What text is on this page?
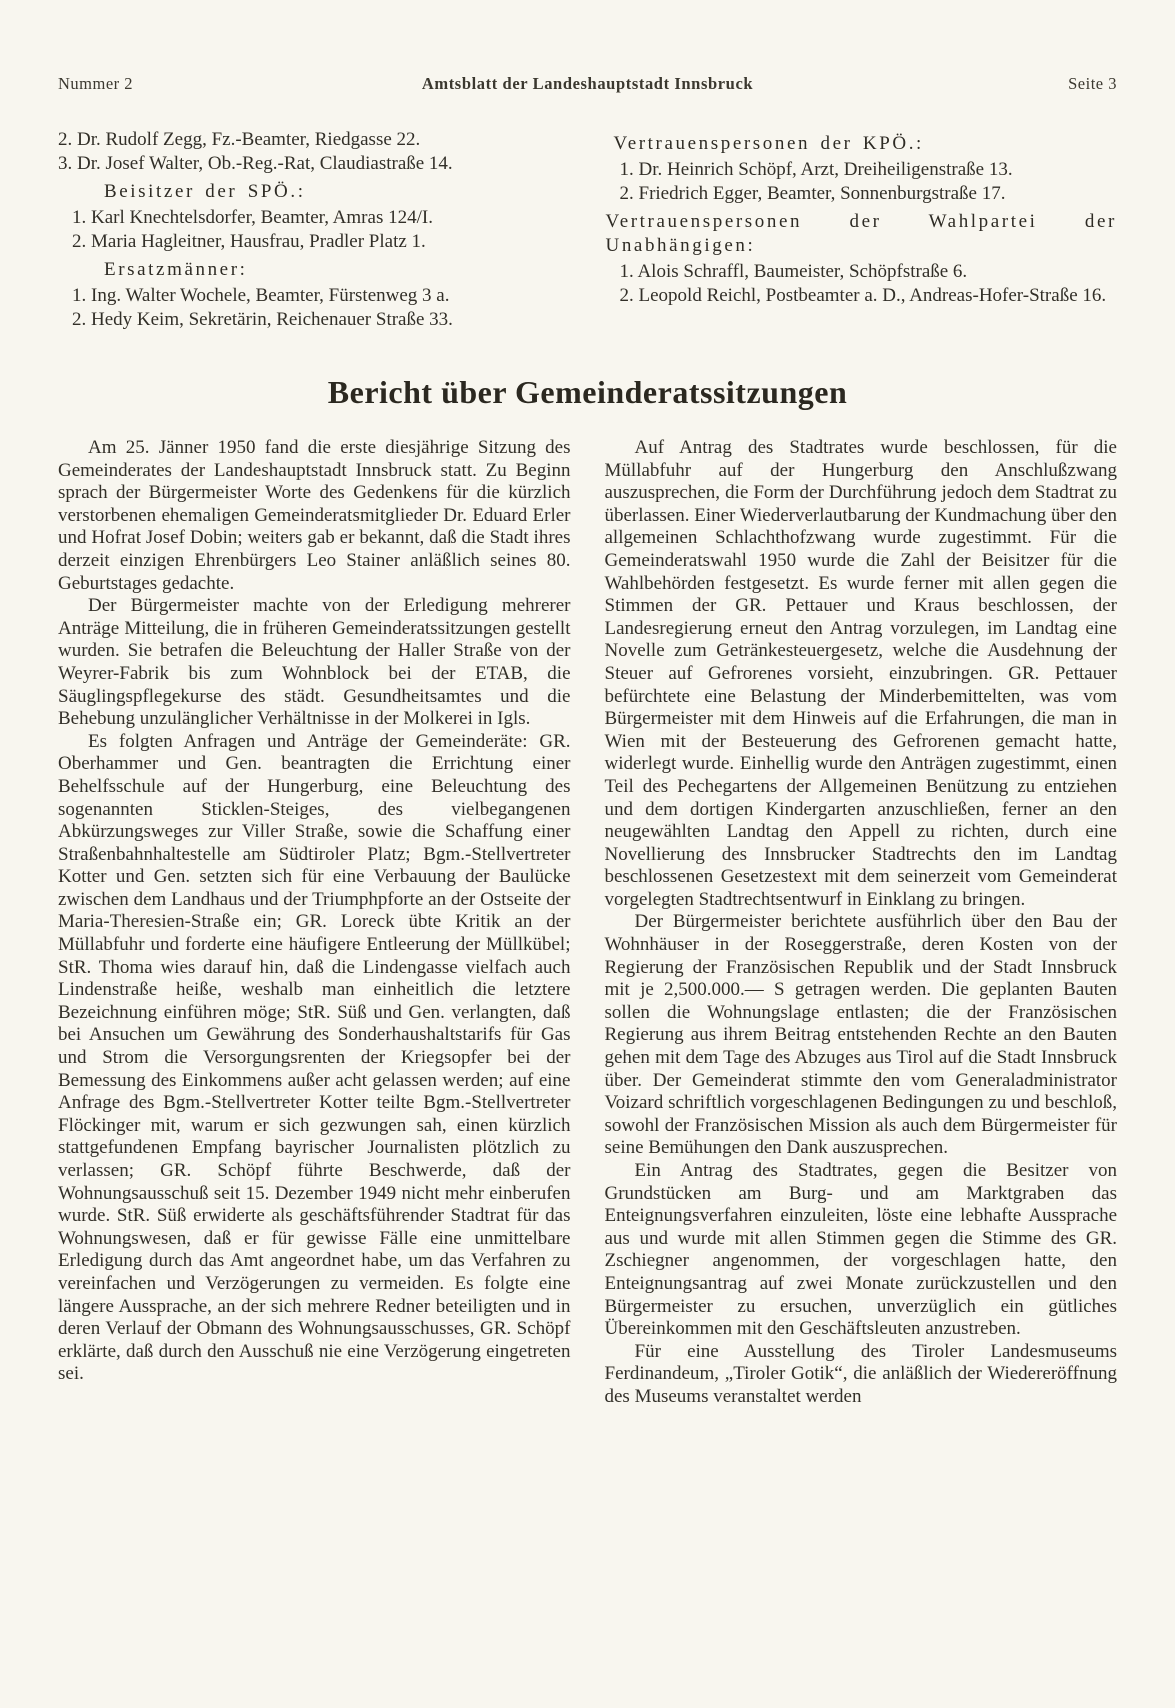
Nummer 2	Amtsblatt der Landeshauptstadt Innsbruck	Seite 3

2. Dr. Rudolf Zegg, Fz.-Beamter, Riedgasse 22.

3. Dr. Josef Walter, Ob.-Reg.-Rat, Claudiastraße 14.

Beisitzer der SPÖ.:

1. Karl Knechtelsdorfer, Beamter, Amras 124/I.

2. Maria Hagleitner, Hausfrau, Pradler Platz 1.

Ersatzmänner:

1. Ing. Walter Wochele, Beamter, Fürstenweg 3 a.

2. Hedy Keim, Sekretärin, Reichenauer Straße 33.

Vertrauenspersonen der KPÖ.:

1. Dr. Heinrich Schöpf, Arzt, Dreiheiligenstraße 13.

2. Friedrich Egger, Beamter, Sonnenburgstraße 17.

Vertrauenspersonen der Wahlpartei der Unabhängigen:

1. Alois Schraffl, Baumeister, Schöpfstraße 6.

2. Leopold Reichl, Postbeamter a. D., Andreas-Hofer-Straße 16.

Bericht über Gemeinderatssitzungen

Am 25. Jänner 1950 fand die erste diesjährige Sitzung des Gemeinderates der Landeshauptstadt Innsbruck statt. Zu Beginn sprach der Bürgermeister Worte des Gedenkens für die kürzlich verstorbenen ehemaligen Gemeinderatsmitglieder Dr. Eduard Erler und Hofrat Josef Dobin; weiters gab er bekannt, daß die Stadt ihres derzeit einzigen Ehrenbürgers Leo Stainer anläßlich seines 80. Geburtstages gedachte.

Der Bürgermeister machte von der Erledigung mehrerer Anträge Mitteilung, die in früheren Gemeinderatssitzungen gestellt wurden. Sie betrafen die Beleuchtung der Haller Straße von der Weyrer-Fabrik bis zum Wohnblock bei der ETAB, die Säuglingspflegekurse des städt. Gesundheitsamtes und die Behebung unzulänglicher Verhältnisse in der Molkerei in Igls.

Es folgten Anfragen und Anträge der Gemeinderäte: GR. Oberhammer und Gen. beantragten die Errichtung einer Behelfsschule auf der Hungerburg, eine Beleuchtung des sogenannten Sticklen-Steiges, des vielbegangenen Abkürzungsweges zur Viller Straße, sowie die Schaffung einer Straßenbahnhaltestelle am Südtiroler Platz; Bgm.-Stellvertreter Kotter und Gen. setzten sich für eine Verbauung der Baulücke zwischen dem Landhaus und der Triumphpforte an der Ostseite der Maria-Theresien-Straße ein; GR. Loreck übte Kritik an der Müllabfuhr und forderte eine häufigere Entleerung der Müllkübel; StR. Thoma wies darauf hin, daß die Lindengasse vielfach auch Lindenstraße heiße, weshalb man einheitlich die letztere Bezeichnung einführen möge; StR. Süß und Gen. verlangten, daß bei Ansuchen um Gewährung des Sonderhaushaltstarifs für Gas und Strom die Versorgungsrenten der Kriegsopfer bei der Bemessung des Einkommens außer acht gelassen werden; auf eine Anfrage des Bgm.-Stellvertreter Kotter teilte Bgm.-Stellvertreter Flöckinger mit, warum er sich gezwungen sah, einen kürzlich stattgefundenen Empfang bayrischer Journalisten plötzlich zu verlassen; GR. Schöpf führte Beschwerde, daß der Wohnungsausschuß seit 15. Dezember 1949 nicht mehr einberufen wurde. StR. Süß erwiderte als geschäftsführender Stadtrat für das Wohnungswesen, daß er für gewisse Fälle eine unmittelbare Erledigung durch das Amt angeordnet habe, um das Verfahren zu vereinfachen und Verzögerungen zu vermeiden. Es folgte eine längere Aussprache, an der sich mehrere Redner beteiligten und in deren Verlauf der Obmann des Wohnungsausschusses, GR. Schöpf erklärte, daß durch den Ausschuß nie eine Verzögerung eingetreten sei.

Auf Antrag des Stadtrates wurde beschlossen, für die Müllabfuhr auf der Hungerburg den Anschlußzwang auszusprechen, die Form der Durchführung jedoch dem Stadtrat zu überlassen. Einer Wiederverlautbarung der Kundmachung über den allgemeinen Schlachthofzwang wurde zugestimmt. Für die Gemeinderatswahl 1950 wurde die Zahl der Beisitzer für die Wahlbehörden festgesetzt. Es wurde ferner mit allen gegen die Stimmen der GR. Pettauer und Kraus beschlossen, der Landesregierung erneut den Antrag vorzulegen, im Landtag eine Novelle zum Getränkesteuergesetz, welche die Ausdehnung der Steuer auf Gefrorenes vorsieht, einzubringen. GR. Pettauer befürchtete eine Belastung der Minderbemittelten, was vom Bürgermeister mit dem Hinweis auf die Erfahrungen, die man in Wien mit der Besteuerung des Gefrorenen gemacht hatte, widerlegt wurde. Einhellig wurde den Anträgen zugestimmt, einen Teil des Pechegartens der Allgemeinen Benützung zu entziehen und dem dortigen Kindergarten anzuschließen, ferner an den neugewählten Landtag den Appell zu richten, durch eine Novellierung des Innsbrucker Stadtrechts den im Landtag beschlossenen Gesetzestext mit dem seinerzeit vom Gemeinderat vorgelegten Stadtrechtsentwurf in Einklang zu bringen.

Der Bürgermeister berichtete ausführlich über den Bau der Wohnhäuser in der Roseggerstraße, deren Kosten von der Regierung der Französischen Republik und der Stadt Innsbruck mit je 2,500.000.— S getragen werden. Die geplanten Bauten sollen die Wohnungslage entlasten; die der Französischen Regierung aus ihrem Beitrag entstehenden Rechte an den Bauten gehen mit dem Tage des Abzuges aus Tirol auf die Stadt Innsbruck über. Der Gemeinderat stimmte den vom Generaladministrator Voizard schriftlich vorgeschlagenen Bedingungen zu und beschloß, sowohl der Französischen Mission als auch dem Bürgermeister für seine Bemühungen den Dank auszusprechen.

Ein Antrag des Stadtrates, gegen die Besitzer von Grundstücken am Burg- und am Marktgraben das Enteignungsverfahren einzuleiten, löste eine lebhafte Aussprache aus und wurde mit allen Stimmen gegen die Stimme des GR. Zschiegner angenommen, der vorgeschlagen hatte, den Enteignungsantrag auf zwei Monate zurückzustellen und den Bürgermeister zu ersuchen, unverzüglich ein gütliches Übereinkommen mit den Geschäftsleuten anzustreben.

Für eine Ausstellung des Tiroler Landesmuseums Ferdinandeum, „Tiroler Gotik“, die anläßlich der Wiedereröffnung des Museums veranstaltet werden
